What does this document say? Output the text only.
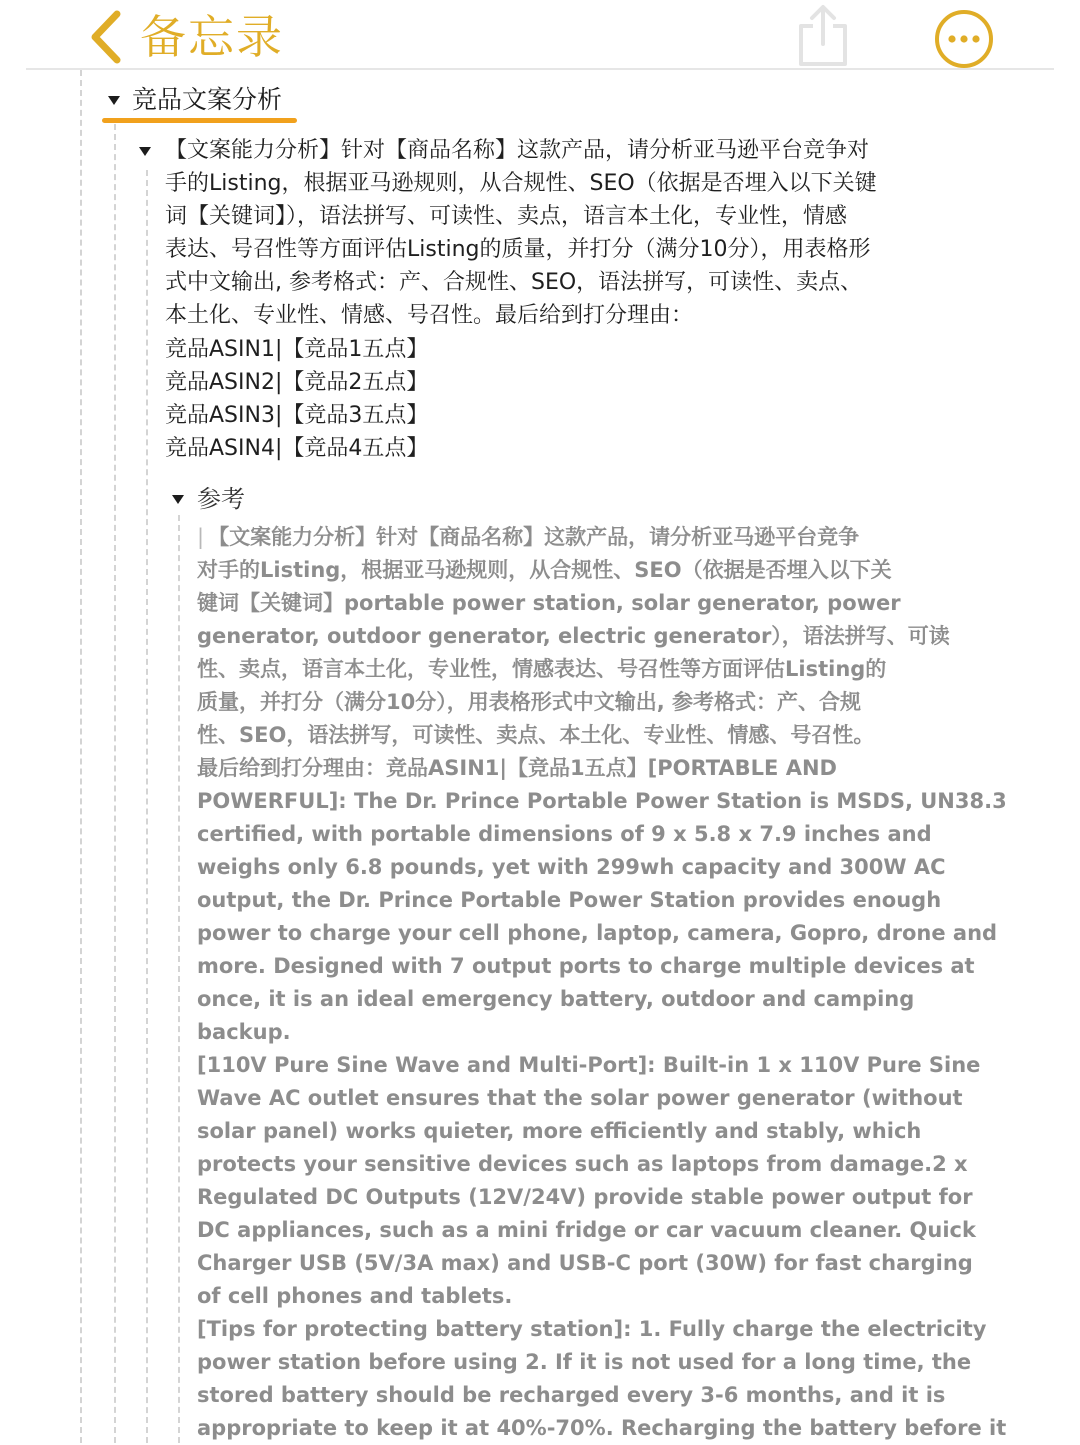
备忘录
竞品文案分析
【文案能力分析】针对【商品名称】这款产品，请分析亚马逊平台竞争对
手的Listing，根据亚马逊规则，从合规性、SEO（依据是否埋入以下关键
词【关键词】），语法拼写、可读性、卖点，语言本土化，专业性，情感
表达、号召性等方面评估Listing的质量，并打分（满分10分），用表格形
式中文输出, 参考格式：产、合规性、SEO，语法拼写，可读性、卖点、
本土化、专业性、情感、号召性。最后给到打分理由：
竞品ASIN1|【竞品1五点】
竞品ASIN2|【竞品2五点】
竞品ASIN3|【竞品3五点】
竞品ASIN4|【竞品4五点】
参考
| 【文案能力分析】针对【商品名称】这款产品，请分析亚马逊平台竞争
对手的Listing，根据亚马逊规则，从合规性、SEO（依据是否埋入以下关
键词【关键词】portable power station, solar generator, power
generator, outdoor generator, electric generator），语法拼写、可读
性、卖点，语言本土化，专业性，情感表达、号召性等方面评估Listing的
质量，并打分（满分10分），用表格形式中文输出, 参考格式：产、合规
性、SEO，语法拼写，可读性、卖点、本土化、专业性、情感、号召性。
最后给到打分理由：竞品ASIN1|【竞品1五点】[PORTABLE AND
POWERFUL]: The Dr. Prince Portable Power Station is MSDS, UN38.3
certified, with portable dimensions of 9 x 5.8 x 7.9 inches and
weighs only 6.8 pounds, yet with 299wh capacity and 300W AC
output, the Dr. Prince Portable Power Station provides enough
power to charge your cell phone, laptop, camera, Gopro, drone and
more. Designed with 7 output ports to charge multiple devices at
once, it is an ideal emergency battery, outdoor and camping
backup.
[110V Pure Sine Wave and Multi-Port]: Built-in 1 x 110V Pure Sine
Wave AC outlet ensures that the solar power generator (without
solar panel) works quieter, more efficiently and stably, which
protects your sensitive devices such as laptops from damage.2 x
Regulated DC Outputs (12V/24V) provide stable power output for
DC appliances, such as a mini fridge or car vacuum cleaner. Quick
Charger USB (5V/3A max) and USB-C port (30W) for fast charging
of cell phones and tablets.
[Tips for protecting battery station]: 1. Fully charge the electricity
power station before using 2. If it is not used for a long time, the
stored battery should be recharged every 3-6 months, and it is
appropriate to keep it at 40%-70%. Recharging the battery before it
